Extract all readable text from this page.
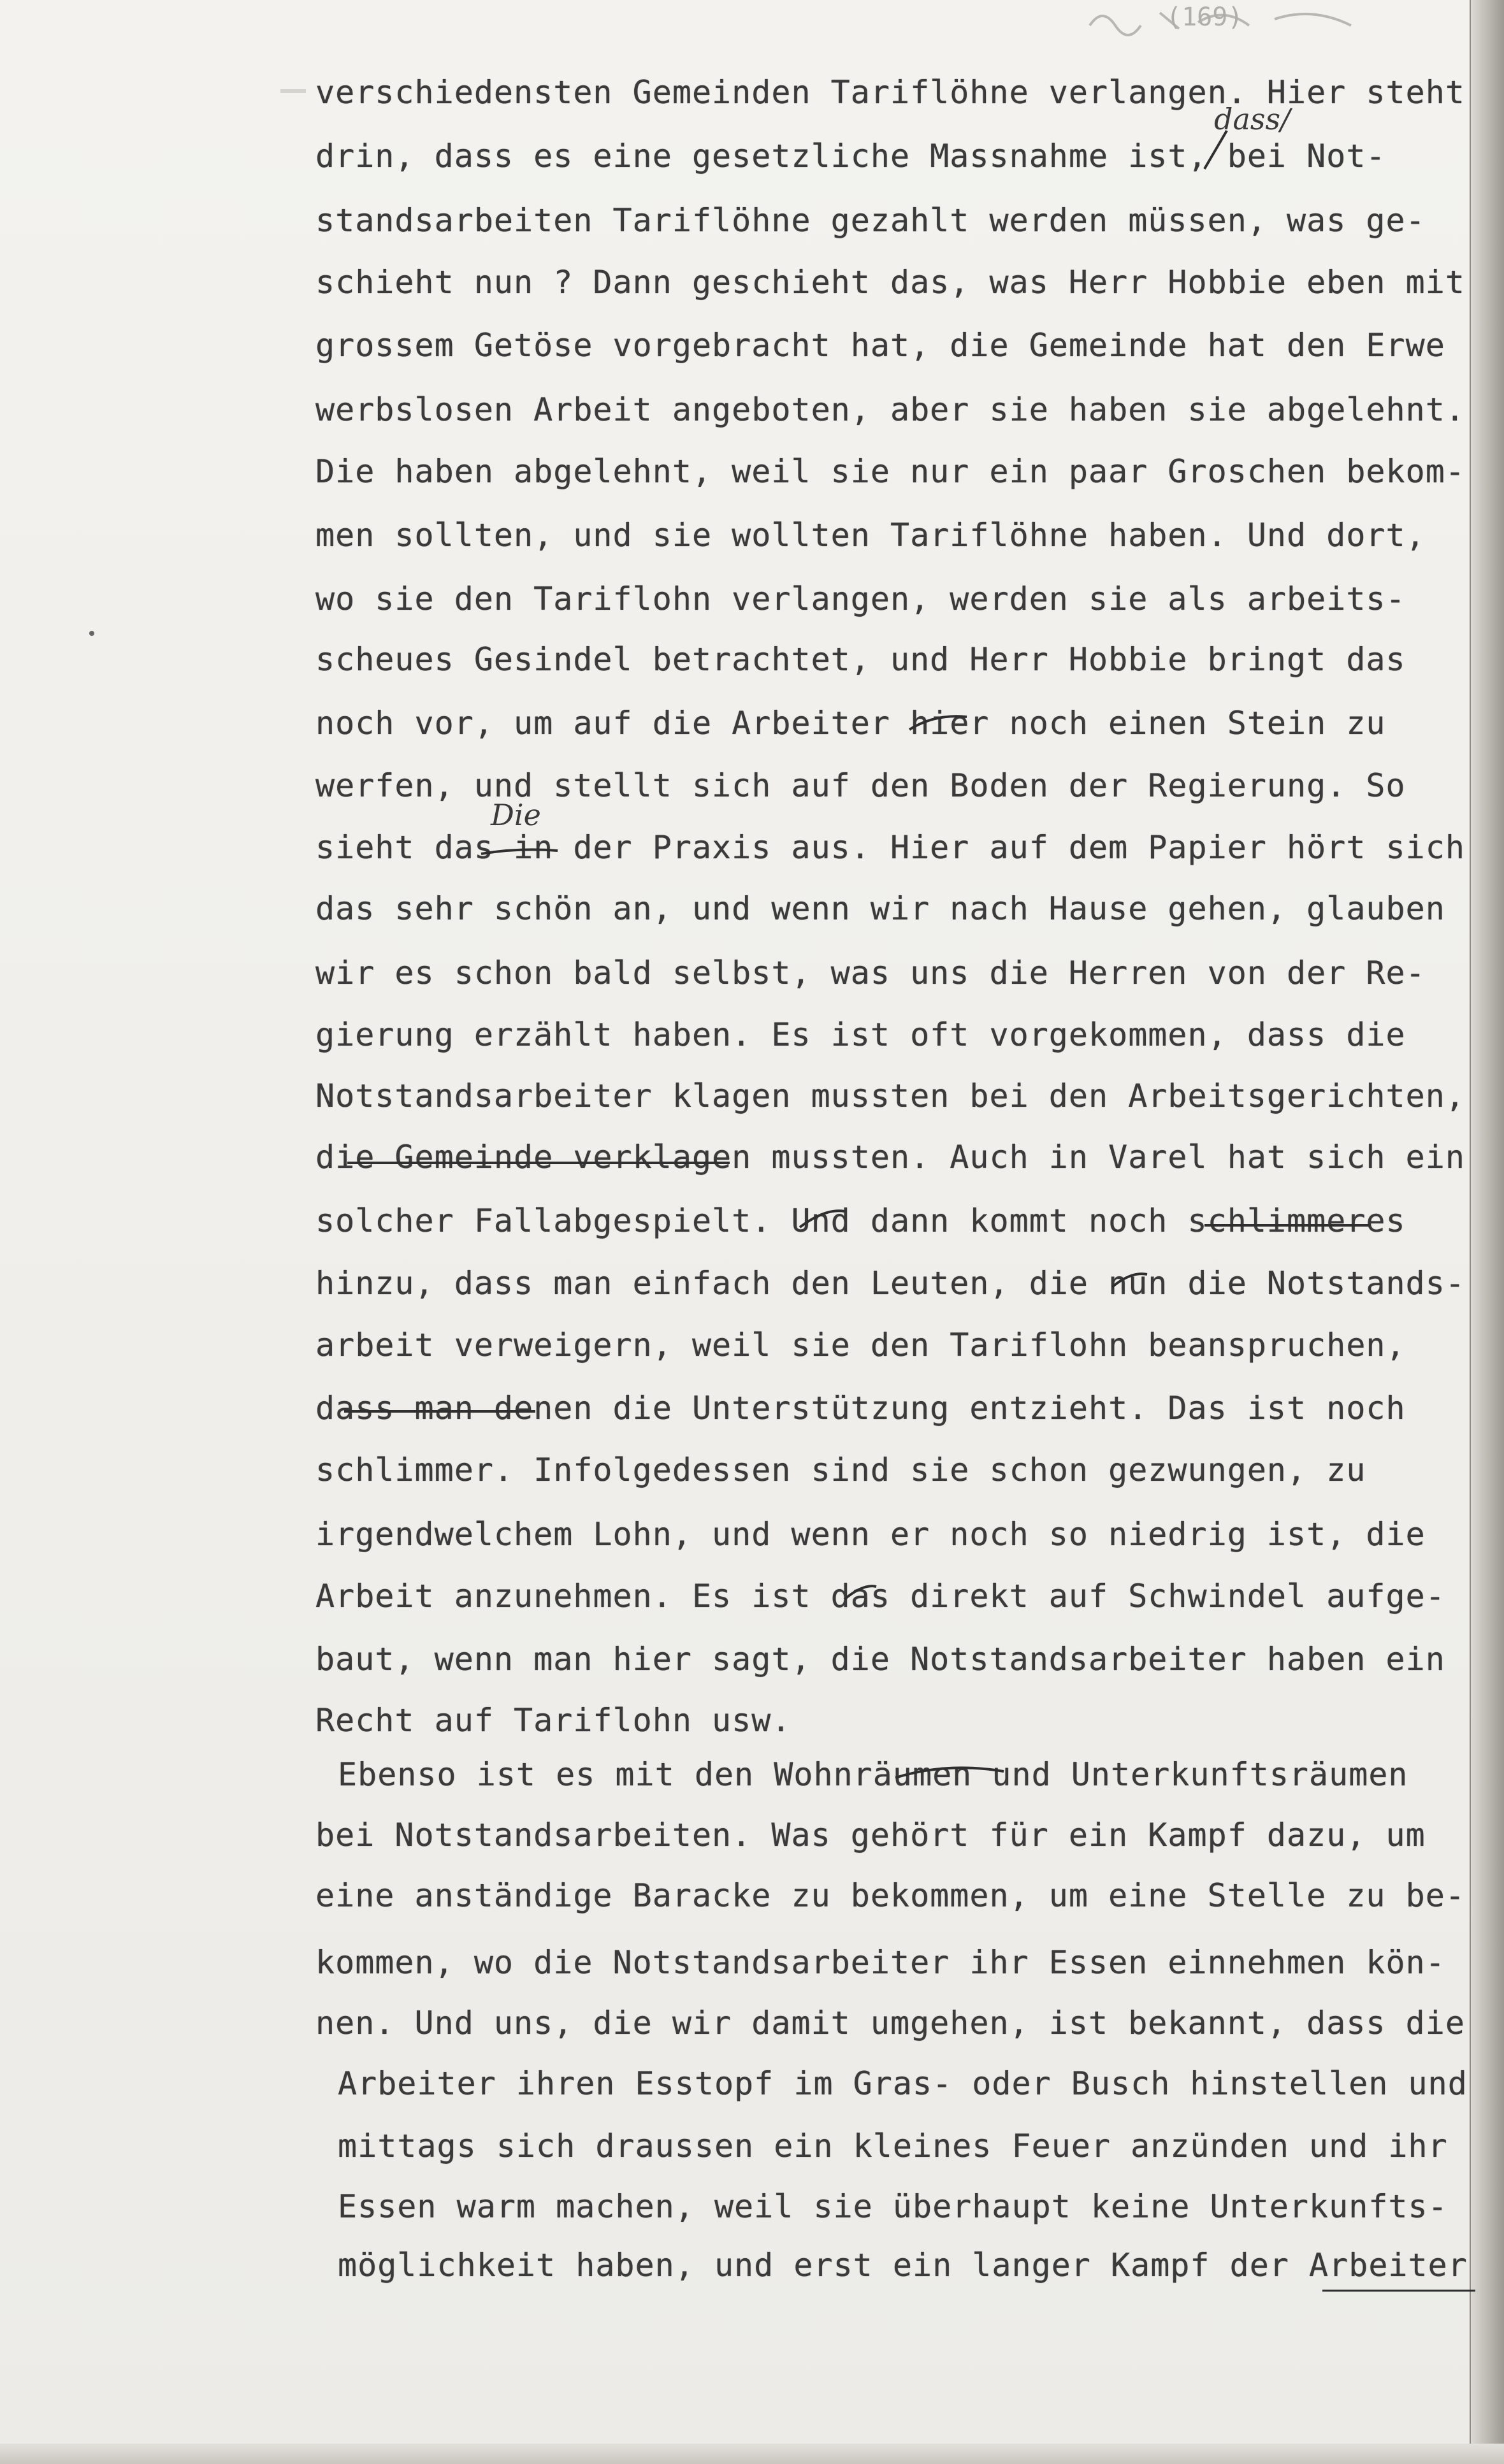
(169)
dass/
Die
verschiedensten Gemeinden Tariflöhne verlangen. Hier steht
drin, dass es eine gesetzliche Massnahme ist, bei Not-
standsarbeiten Tariflöhne gezahlt werden müssen, was ge-
schieht nun ? Dann geschieht das, was Herr Hobbie eben mit
grossem Getöse vorgebracht hat, die Gemeinde hat den Erwe
werbslosen Arbeit angeboten, aber sie haben sie abgelehnt.
Die haben abgelehnt, weil sie nur ein paar Groschen bekom-
men sollten, und sie wollten Tariflöhne haben. Und dort,
wo sie den Tariflohn verlangen, werden sie als arbeits-
scheues Gesindel betrachtet, und Herr Hobbie bringt das
noch vor, um auf die Arbeiter hier noch einen Stein zu
werfen, und stellt sich auf den Boden der Regierung. So
sieht das in der Praxis aus. Hier auf dem Papier hört sich
das sehr schön an, und wenn wir nach Hause gehen, glauben
wir es schon bald selbst, was uns die Herren von der Re-
gierung erzählt haben. Es ist oft vorgekommen, dass die
Notstandsarbeiter klagen mussten bei den Arbeitsgerichten,
die Gemeinde verklagen mussten. Auch in Varel hat sich ein
solcher Fallabgespielt. Und dann kommt noch schlimmeres
hinzu, dass man einfach den Leuten, die nun die Notstands-
arbeit verweigern, weil sie den Tariflohn beanspruchen,
dass man denen die Unterstützung entzieht. Das ist noch
schlimmer. Infolgedessen sind sie schon gezwungen, zu
irgendwelchem Lohn, und wenn er noch so niedrig ist, die
Arbeit anzunehmen. Es ist das direkt auf Schwindel aufge-
baut, wenn man hier sagt, die Notstandsarbeiter haben ein
Recht auf Tariflohn usw.
Ebenso ist es mit den Wohnräumen und Unterkunftsräumen
bei Notstandsarbeiten. Was gehört für ein Kampf dazu, um
eine anständige Baracke zu bekommen, um eine Stelle zu be-
kommen, wo die Notstandsarbeiter ihr Essen einnehmen kön-
nen. Und uns, die wir damit umgehen, ist bekannt, dass die
Arbeiter ihren Esstopf im Gras- oder Busch hinstellen und
mittags sich draussen ein kleines Feuer anzünden und ihr
Essen warm machen, weil sie überhaupt keine Unterkunfts-
möglichkeit haben, und erst ein langer Kampf der Arbeiter
